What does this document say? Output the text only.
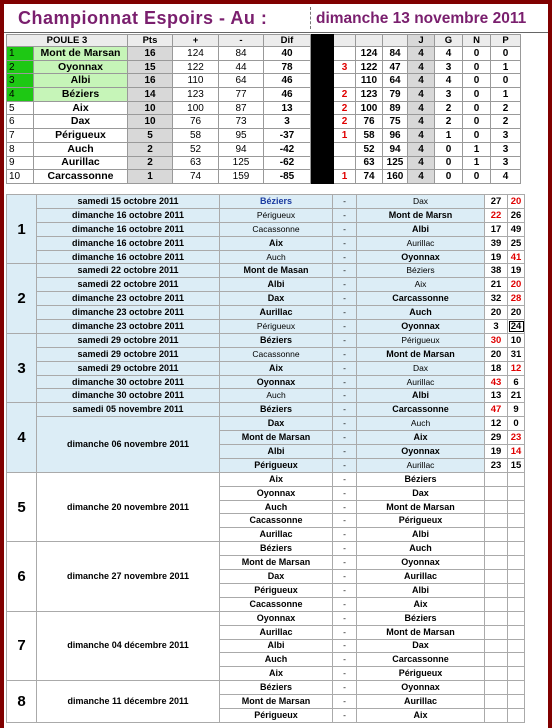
Championnat Espoirs - Au :	dimanche 13 novembre 2011
POULE 3		Pts	+	-	Dif					J	G	N	P
1	Mont de Marsan	16	124	84	40			124	84	4	4	0	0
2	Oyonnax	15	122	44	78		3	122	47	4	3	0	1
3	Albi	16	110	64	46			110	64	4	4	0	0
4	Béziers	14	123	77	46		2	123	79	4	3	0	1
5	Aix	10	100	87	13		2	100	89	4	2	0	2
6	Dax	10	76	73	3		2	76	75	4	2	0	2
7	Périgueux	5	58	95	-37		1	58	96	4	1	0	3
8	Auch	2	52	94	-42			52	94	4	0	1	3
9	Aurillac	2	63	125	-62			63	125	4	0	1	3
10	Carcassonne	1	74	159	-85		1	74	160	4	0	0	4
1	samedi 15 octobre 2011	Béziers	-	Dax	27	20
	dimanche 16 octobre 2011	Périgueux	-	Mont de Marsn	22	26
	dimanche 16 octobre 2011	Cacassonne	-	Albi	17	49
	dimanche 16 octobre 2011	Aix	-	Aurillac	39	25
	dimanche 16 octobre 2011	Auch	-	Oyonnax	19	41
2	samedi 22 octobre 2011	Mont de Masan	-	Béziers	38	19
	samedi 22 octobre 2011	Albi	-	Aix	21	20
	dimanche 23 octobre 2011	Dax	-	Carcassonne	32	28
	dimanche 23 octobre 2011	Aurillac	-	Auch	20	20
	dimanche 23 octobre 2011	Périgueux	-	Oyonnax	3	24
3	samedi 29 octobre 2011	Béziers	-	Périgueux	30	10
	samedi 29 octobre 2011	Cacassonne	-	Mont de Marsan	20	31
	samedi 29 octobre 2011	Aix	-	Dax	18	12
	dimanche 30 octobre 2011	Oyonnax	-	Aurillac	43	6
	dimanche 30 octobre 2011	Auch	-	Albi	13	21
4	samedi 05 novembre 2011	Béziers	-	Carcassonne	47	9
	dimanche 06 novembre 2011	Dax	-	Auch	12	0
		Mont de Marsan	-	Aix	29	23
		Albi	-	Oyonnax	19	14
		Périgueux	-	Aurillac	23	15
5	dimanche 20 novembre 2011	Aix	-	Béziers		
		Oyonnax	-	Dax		
		Auch	-	Mont de Marsan		
		Cacassonne	-	Périgueux		
		Aurillac	-	Albi		
6	dimanche 27 novembre 2011	Béziers	-	Auch		
		Mont de Marsan	-	Oyonnax		
		Dax	-	Aurillac		
		Périgueux	-	Albi		
		Cacassonne	-	Aix		
7	dimanche 04 décembre 2011	Oyonnax	-	Béziers		
		Aurillac	-	Mont de Marsan		
		Albi	-	Dax		
		Auch	-	Carcassonne		
		Aix	-	Périgueux		
8	dimanche 11 décembre 2011	Béziers	-	Oyonnax		
		Mont de Marsan	-	Aurillac		
		Périgueux	-	Aix		
